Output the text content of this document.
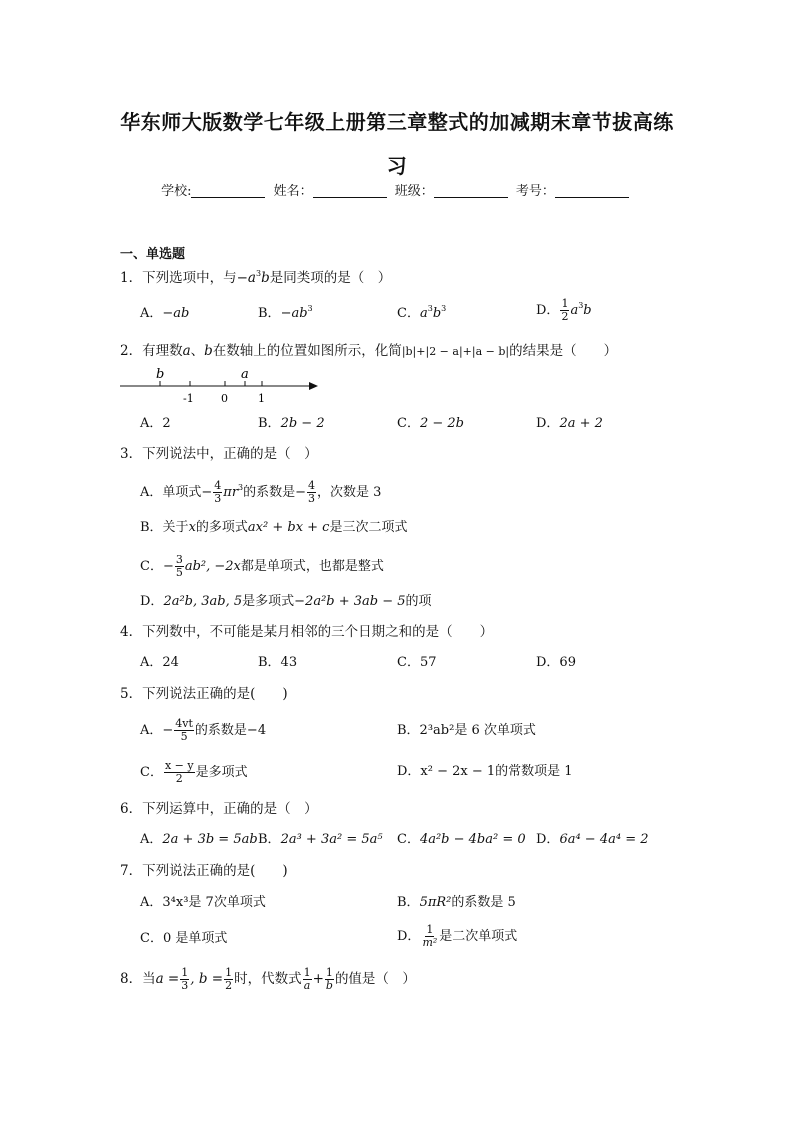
华东师大版数学七年级上册第三章整式的加减期末章节拔高练
习
学校:	姓名：	班级：	考号：
一、单选题
1．下列选项中，与$-a^3b$是同类项的是（　）
A．−ab	B．$-ab^3$	C．$a^3b^3$	D． $\frac{1}{2} a^3b$
2．有理数a、b在数轴上的位置如图所示，化简|b|+|2 − a|+|a − b|的结果是（　　）
b	a
-1 0	1
A．2	B．2b − 2	C．2 − 2b	D．2a + 2
3．下列说法中，正确的是（　）
A．单项式− $\frac{4}{3} \pi r^3$的系数是− $\frac{4}{3}$ ，次数是 3
B．关于x的多项式ax² + bx + c是三次二项式
C．− $\frac{3}{5} ab^2$, −2x都是单项式，也都是整式
D．2a²b, 3ab, 5是多项式−2a²b + 3ab − 5的项
4．下列数中，不可能是某月相邻的三个日期之和的是（　　）
A．24	B．43	C．57	D．69
5．下列说法正确的是(　　)
A．− $\frac{4vt}{5}$ 的系数是−4	B．2³ab²是 6 次单项式
C． $\frac{x - y}{2}$ 是多项式	D．x² − 2x − 1的常数项是 1
6．下列运算中，正确的是（　）
A．2a + 3b = 5ab B．2a³ + 3a² = 5a⁵ C．4a²b − 4ba² = 0 D．6a⁴ − 4a⁴ = 2
7．下列说法正确的是(　　)
A．3⁴x³是 7次单项式	B．5πR²的系数是 5
C．0 是单项式	D． $\frac{1}{\text{m²}}$ 是二次单项式
8．当$a = \frac{1}{3}$ , $b = \frac{1}{2}$ 时，代数式 $\frac{1}{a} + \frac{1}{b}$ 的值是（　）
